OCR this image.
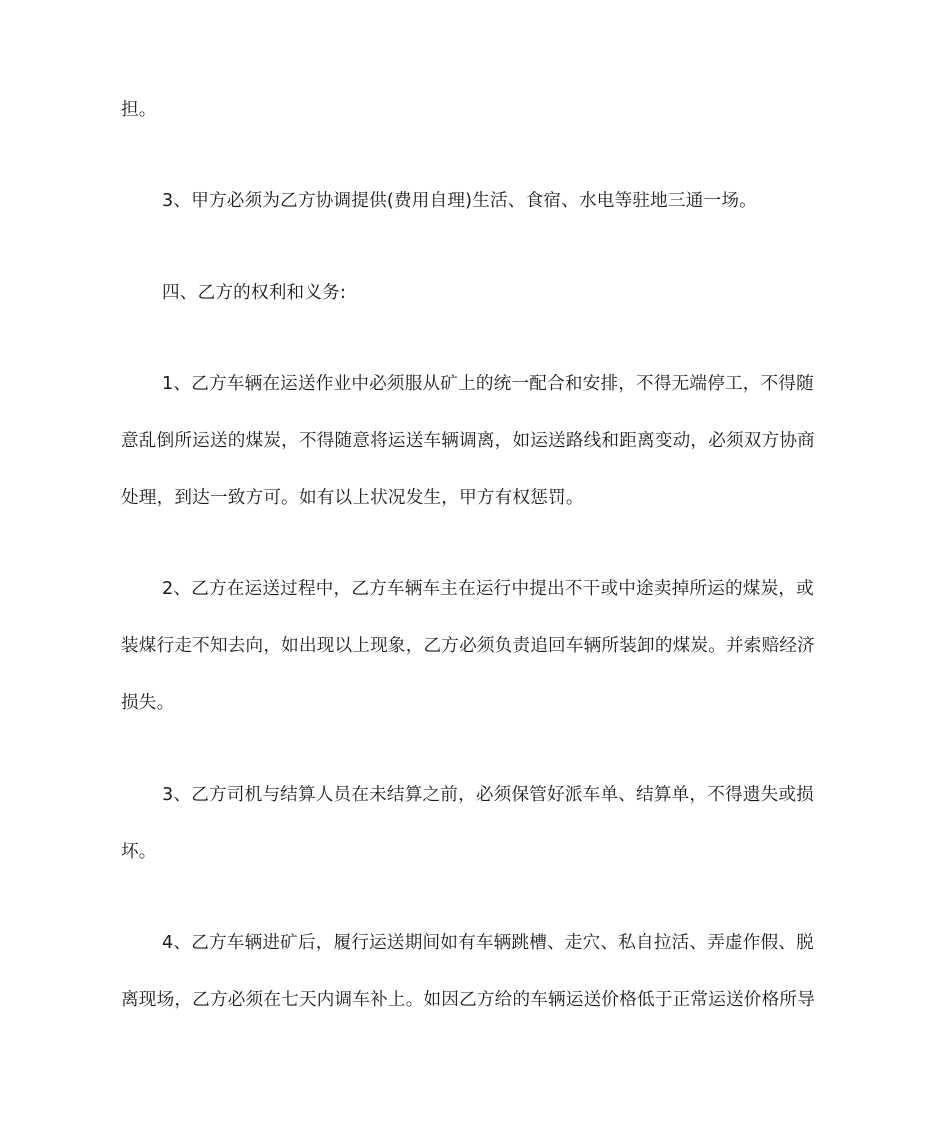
担。
3、甲方必须为乙方协调提供(费用自理)生活、食宿、水电等驻地三通一场。
四、乙方的权利和义务:
1、乙方车辆在运送作业中必须服从矿上的统一配合和安排，不得无端停工，不得随
意乱倒所运送的煤炭，不得随意将运送车辆调离，如运送路线和距离变动，必须双方协商
处理，到达一致方可。如有以上状况发生，甲方有权惩罚。
2、乙方在运送过程中，乙方车辆车主在运行中提出不干或中途卖掉所运的煤炭，或
装煤行走不知去向，如出现以上现象，乙方必须负责追回车辆所装卸的煤炭。并索赔经济
损失。
3、乙方司机与结算人员在未结算之前，必须保管好派车单、结算单，不得遗失或损
坏。
4、乙方车辆进矿后，履行运送期间如有车辆跳槽、走穴、私自拉活、弄虚作假、脱
离现场，乙方必须在七天内调车补上。如因乙方给的车辆运送价格低于正常运送价格所导
